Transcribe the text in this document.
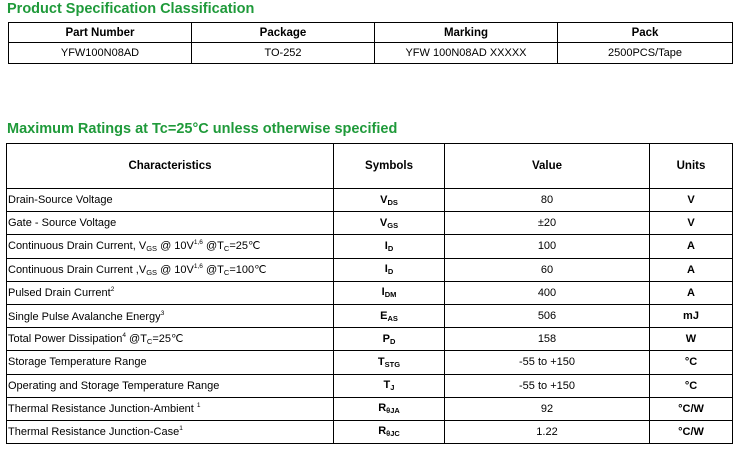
Product Specification Classification
Part Number	Package	Marking	Pack
YFW100N08AD	TO-252	YFW 100N08AD XXXXX	2500PCS/Tape
Maximum Ratings at Tc=25°C unless otherwise specified
Characteristics	Symbols	Value	Units
Drain-Source Voltage	$V_{DS}$	80	V
Gate - Source Voltage	$V_{GS}$	±20	V
Continuous Drain Current, $V_{GS}$ @ $10V^{1,6}$ $@T_C=25℃$	$I_D$	100	A
Continuous Drain Current $,V_{GS}$ @ $10V^{1,6}$ $@T_C=100℃$	$I_D$	60	A
Pulsed Drain Current$^2$	$I_{DM}$	400	A
Single Pulse Avalanche Energy$^3$	$E_{AS}$	506	mJ
Total Power Dissipation$^4$ $@T_C=25℃$	$P_D$	158	W
Storage Temperature Range	$T_{STG}$	-55 to +150	°C
Operating and Storage Temperature Range	$T_J$	-55 to +150	°C
Thermal Resistance Junction-Ambient $^1$	$R_{\theta JA}$	92	°C/W
Thermal Resistance Junction-Case$^1$	$R_{\theta JC}$	1.22	°C/W
